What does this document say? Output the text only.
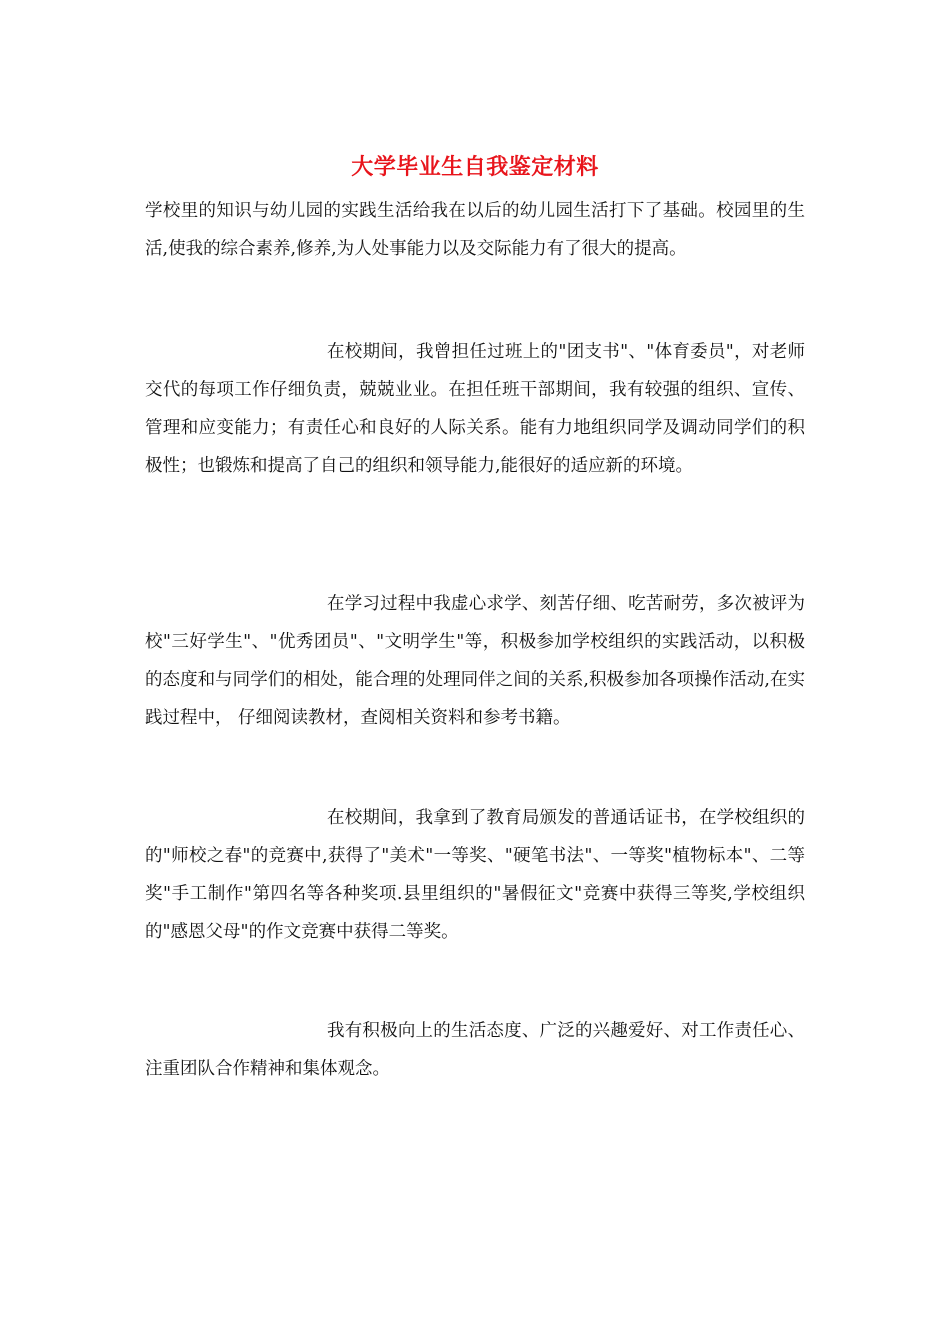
大学毕业生自我鉴定材料

学校里的知识与幼儿园的实践生活给我在以后的幼儿园生活打下了基础。校园里的生活,使我的综合素养,修养,为人处事能力以及交际能力有了很大的提高。

在校期间，我曾担任过班上的"团支书"、"体育委员"，对老师交代的每项工作仔细负责，兢兢业业。在担任班干部期间，我有较强的组织、宣传、管理和应变能力；有责任心和良好的人际关系。能有力地组织同学及调动同学们的积极性；也锻炼和提高了自己的组织和领导能力,能很好的适应新的环境。

在学习过程中我虚心求学、刻苦仔细、吃苦耐劳，多次被评为校"三好学生"、"优秀团员"、"文明学生"等，积极参加学校组织的实践活动，以积极的态度和与同学们的相处，能合理的处理同伴之间的关系,积极参加各项操作活动,在实践过程中， 仔细阅读教材，查阅相关资料和参考书籍。

在校期间，我拿到了教育局颁发的普通话证书，在学校组织的的"师校之春"的竞赛中,获得了"美术"一等奖、"硬笔书法"、一等奖"植物标本"、二等奖"手工制作"第四名等各种奖项.县里组织的"暑假征文"竞赛中获得三等奖,学校组织的"感恩父母"的作文竞赛中获得二等奖。

我有积极向上的生活态度、广泛的兴趣爱好、对工作责任心、注重团队合作精神和集体观念。
